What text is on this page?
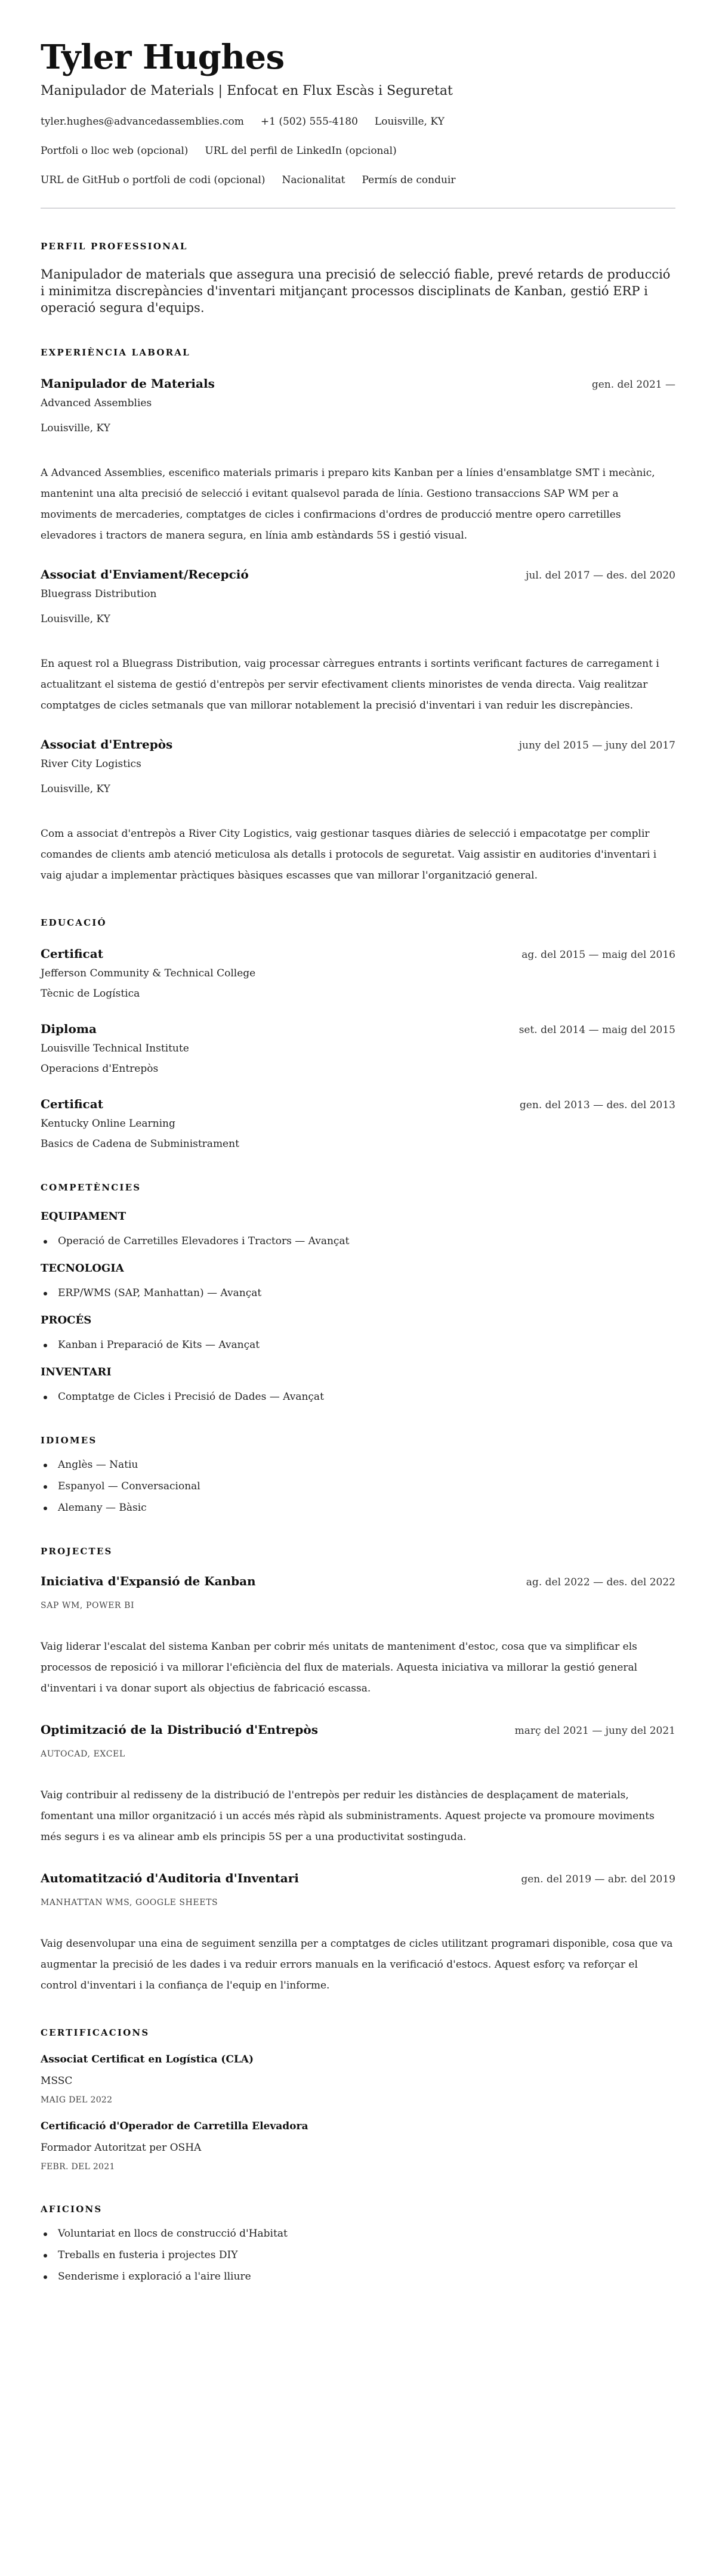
Tyler Hughes
Manipulador de Materials | Enfocat en Flux Escàs i Seguretat
tyler.hughes@advancedassemblies.com +1 (502) 555-4180 Louisville, KY
Portfoli o lloc web (opcional) URL del perfil de LinkedIn (opcional)
URL de GitHub o portfoli de codi (opcional) Nacionalitat Permís de conduir
PERFIL PROFESSIONAL

Manipulador de materials que assegura una precisió de selecció fiable, prevé retards de producció i minimitza discrepàncies d'inventari mitjançant processos disciplinats de Kanban, gestió ERP i operació segura d'equips.

EXPERIÈNCIA LABORAL
Manipulador de Materials	gen. del 2021 —
Advanced Assemblies
Louisville, KY

A Advanced Assemblies, escenifico materials primaris i preparo kits Kanban per a línies d'ensamblatge SMT i mecànic, mantenint una alta precisió de selecció i evitant qualsevol parada de línia. Gestiono transaccions SAP WM per a moviments de mercaderies, comptatges de cicles i confirmacions d'ordres de producció mentre opero carretilles elevadores i tractors de manera segura, en línia amb estàndards 5S i gestió visual.

Associat d'Enviament/Recepció	jul. del 2017 — des. del 2020
Bluegrass Distribution
Louisville, KY

En aquest rol a Bluegrass Distribution, vaig processar càrregues entrants i sortints verificant factures de carregament i actualitzant el sistema de gestió d'entrepòs per servir efectivament clients minoristes de venda directa. Vaig realitzar comptatges de cicles setmanals que van millorar notablement la precisió d'inventari i van reduir les discrepàncies.

Associat d'Entrepòs	juny del 2015 — juny del 2017
River City Logistics
Louisville, KY

Com a associat d'entrepòs a River City Logistics, vaig gestionar tasques diàries de selecció i empacotatge per complir comandes de clients amb atenció meticulosa als detalls i protocols de seguretat. Vaig assistir en auditories d'inventari i vaig ajudar a implementar pràctiques bàsiques escasses que van millorar l'organització general.

EDUCACIÓ
Certificat	ag. del 2015 — maig del 2016
Jefferson Community & Technical College
Tècnic de Logística
Diploma	set. del 2014 — maig del 2015
Louisville Technical Institute
Operacions d'Entrepòs
Certificat	gen. del 2013 — des. del 2013
Kentucky Online Learning
Basics de Cadena de Subministrament
COMPETÈNCIES
EQUIPAMENT
Operació de Carretilles Elevadores i Tractors — Avançat
TECNOLOGIA
ERP/WMS (SAP, Manhattan) — Avançat
PROCÉS
Kanban i Preparació de Kits — Avançat
INVENTARI
Comptatge de Cicles i Precisió de Dades — Avançat
IDIOMES
Anglès — Natiu
Espanyol — Conversacional
Alemany — Bàsic
PROJECTES
Iniciativa d'Expansió de Kanban	ag. del 2022 — des. del 2022
SAP WM, POWER BI

Vaig liderar l'escalat del sistema Kanban per cobrir més unitats de manteniment d'estoc, cosa que va simplificar els processos de reposició i va millorar l'eficiència del flux de materials. Aquesta iniciativa va millorar la gestió general d'inventari i va donar suport als objectius de fabricació escassa.

Optimització de la Distribució d'Entrepòs	març del 2021 — juny del 2021
AUTOCAD, EXCEL

Vaig contribuir al redisseny de la distribució de l'entrepòs per reduir les distàncies de desplaçament de materials, fomentant una millor organització i un accés més ràpid als subministraments. Aquest projecte va promoure moviments més segurs i es va alinear amb els principis 5S per a una productivitat sostinguda.

Automatització d'Auditoria d'Inventari	gen. del 2019 — abr. del 2019
MANHATTAN WMS, GOOGLE SHEETS

Vaig desenvolupar una eina de seguiment senzilla per a comptatges de cicles utilitzant programari disponible, cosa que va augmentar la precisió de les dades i va reduir errors manuals en la verificació d'estocs. Aquest esforç va reforçar el control d'inventari i la confiança de l'equip en l'informe.

CERTIFICACIONS
Associat Certificat en Logística (CLA)
MSSC
MAIG DEL 2022
Certificació d'Operador de Carretilla Elevadora
Formador Autoritzat per OSHA
FEBR. DEL 2021
AFICIONS
Voluntariat en llocs de construcció d'Habitat
Treballs en fusteria i projectes DIY
Senderisme i exploració a l'aire lliure
